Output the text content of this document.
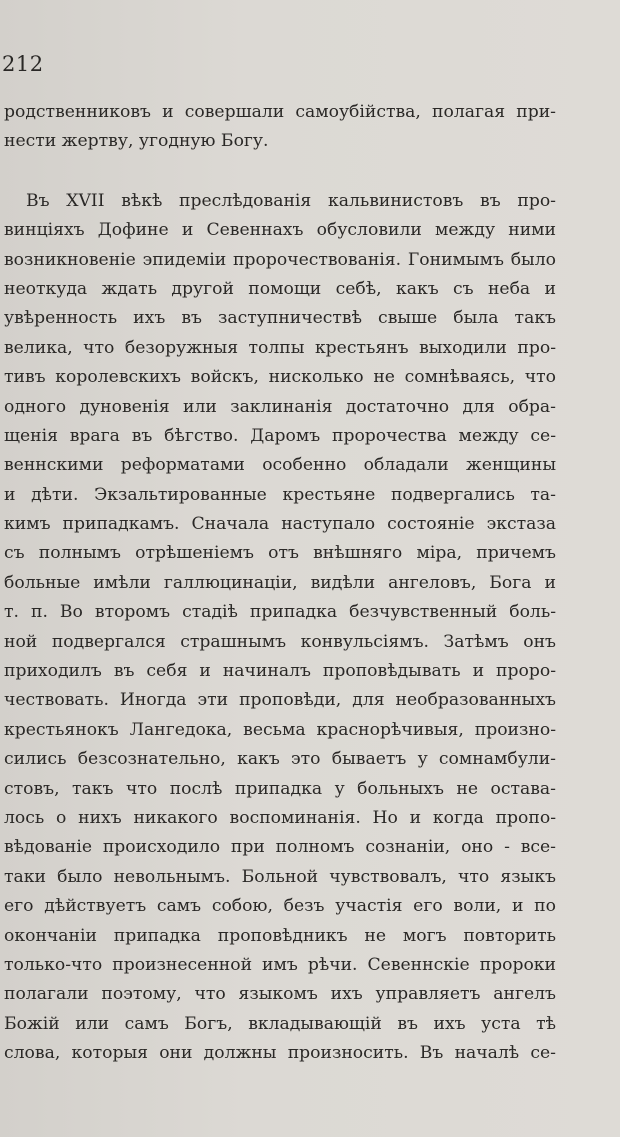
212
родственниковъ и совершали самоубійства, полагая при-
нести жертву, угодную Богу.
Въ XVII вѣкѣ преслѣдованія кальвинистовъ въ про-
винціяхъ Дофине и Севеннахъ обусловили между ними
возникновеніе эпидеміи пророчествованія. Гонимымъ было
неоткуда ждать другой помощи себѣ, какъ съ неба и
увѣренность ихъ въ заступничествѣ свыше была такъ
велика, что безоружныя толпы крестьянъ выходили про-
тивъ королевскихъ войскъ, нисколько не сомнѣваясь, что
одного дуновенія или заклинанія достаточно для обра-
щенія врага въ бѣгство. Даромъ пророчества между се-
веннскими реформатами особенно обладали женщины
и дѣти. Экзальтированные крестьяне подвергались та-
кимъ припадкамъ. Сначала наступало состояніе экстаза
съ полнымъ отрѣшеніемъ отъ внѣшняго міра, причемъ
больные имѣли галлюцинаціи, видѣли ангеловъ, Бога и
т. п. Во второмъ стадіѣ припадка безчувственный боль-
ной подвергался страшнымъ конвульсіямъ. Затѣмъ онъ
приходилъ въ себя и начиналъ проповѣдывать и проро-
чествовать. Иногда эти проповѣди, для необразованныхъ
крестьянокъ Лангедока, весьма краснорѣчивыя, произно-
сились безсознательно, какъ это бываетъ у сомнамбули-
стовъ, такъ что послѣ припадка у больныхъ не остава-
лось о нихъ никакого воспоминанія. Но и когда пропо-
вѣдованіе происходило при полномъ сознаніи, оно - все-
таки было невольнымъ. Больной чувствовалъ, что языкъ
его дѣйствуетъ самъ собою, безъ участія его воли, и по
окончаніи припадка проповѣдникъ не могъ повторить
только-что произнесенной имъ рѣчи. Севеннскіе пророки
полагали поэтому, что языкомъ ихъ управляетъ ангелъ
Божій или самъ Богъ, вкладывающій въ ихъ уста тѣ
слова, которыя они должны произносить. Въ началѣ се-
